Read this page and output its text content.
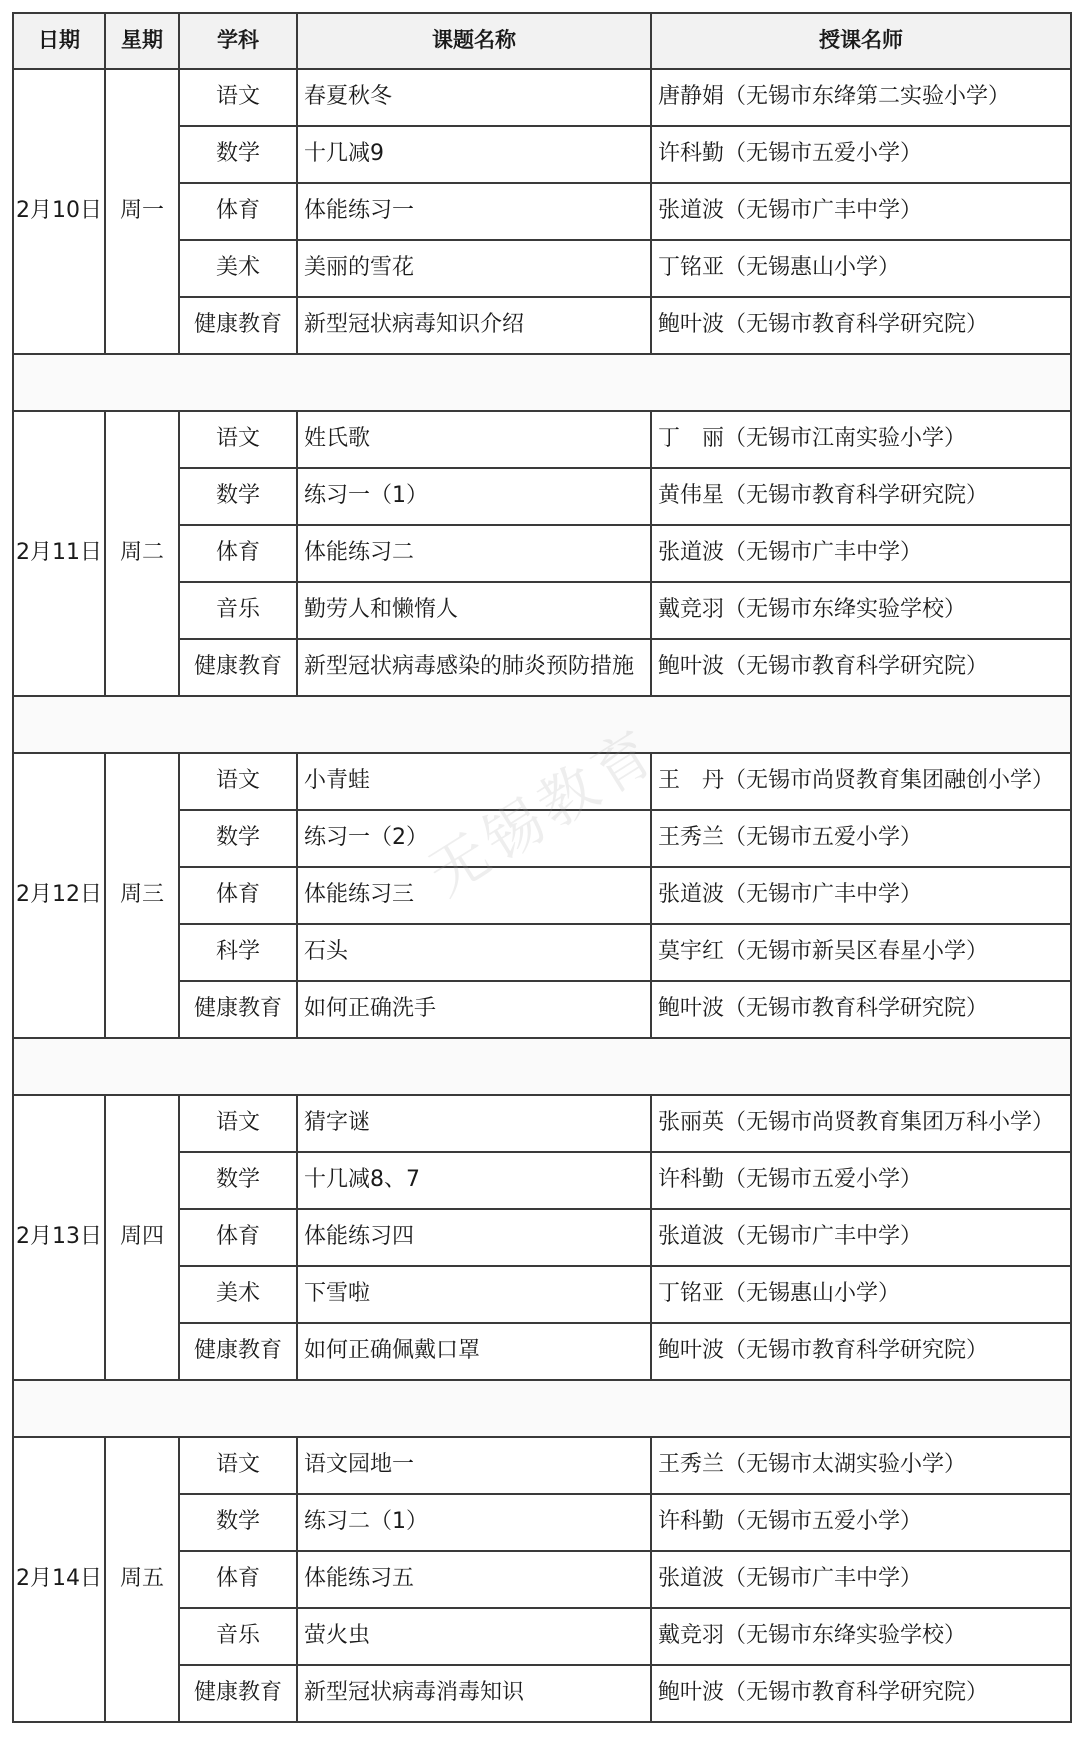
日期	星期	学科	课题名称	授课名师
2月10日	周一	语文	春夏秋冬	唐静娟（无锡市东绛第二实验小学）
		数学	十几减9	许科勤（无锡市五爱小学）
		体育	体能练习一	张道波（无锡市广丰中学）
		美术	美丽的雪花	丁铭亚（无锡惠山小学）
		健康教育	新型冠状病毒知识介绍	鲍叶波（无锡市教育科学研究院）

2月11日	周二	语文	姓氏歌	丁　丽（无锡市江南实验小学）
		数学	练习一（1）	黄伟星（无锡市教育科学研究院）
		体育	体能练习二	张道波（无锡市广丰中学）
		音乐	勤劳人和懒惰人	戴竞羽（无锡市东绛实验学校）
		健康教育	新型冠状病毒感染的肺炎预防措施	鲍叶波（无锡市教育科学研究院）

2月12日	周三	语文	小青蛙	王　丹（无锡市尚贤教育集团融创小学）
		数学	练习一（2）	王秀兰（无锡市五爱小学）
		体育	体能练习三	张道波（无锡市广丰中学）
		科学	石头	莫宇红（无锡市新吴区春星小学）
		健康教育	如何正确洗手	鲍叶波（无锡市教育科学研究院）

2月13日	周四	语文	猜字谜	张丽英（无锡市尚贤教育集团万科小学）
		数学	十几减8、7	许科勤（无锡市五爱小学）
		体育	体能练习四	张道波（无锡市广丰中学）
		美术	下雪啦	丁铭亚（无锡惠山小学）
		健康教育	如何正确佩戴口罩	鲍叶波（无锡市教育科学研究院）

2月14日	周五	语文	语文园地一	王秀兰（无锡市太湖实验小学）
		数学	练习二（1）	许科勤（无锡市五爱小学）
		体育	体能练习五	张道波（无锡市广丰中学）
		音乐	萤火虫	戴竞羽（无锡市东绛实验学校）
		健康教育	新型冠状病毒消毒知识	鲍叶波（无锡市教育科学研究院）
无锡教育
